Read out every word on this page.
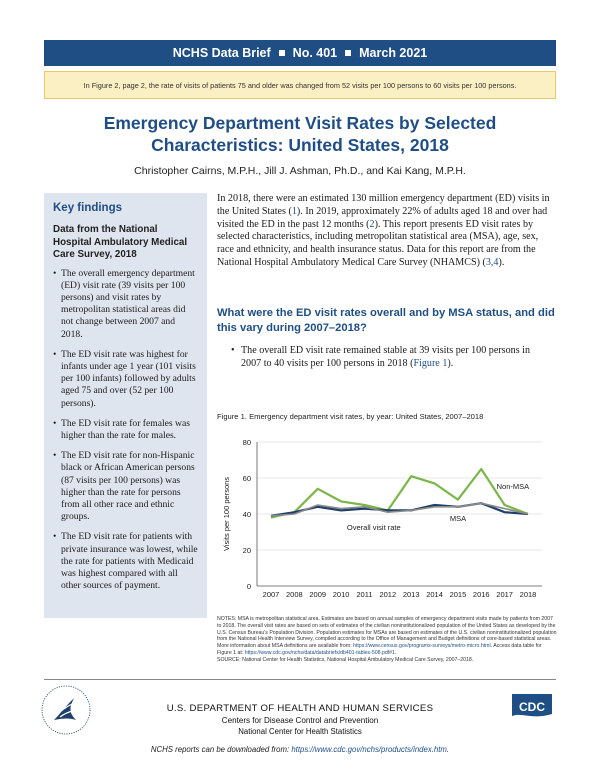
NCHS Data Brief No. 401 March 2021
In Figure 2, page 2, the rate of visits of patients 75 and older was changed from 52 visits per 100 persons to 60 visits per 100 persons.
Emergency Department Visit Rates by Selected
Characteristics: United States, 2018
Christopher Cairns, M.P.H., Jill J. Ashman, Ph.D., and Kai Kang, M.P.H.
Key findings
Data from the National Hospital Ambulatory Medical Care Survey, 2018
• The overall emergency department (ED) visit rate (39 visits per 100 persons) and visit rates by metropolitan statistical areas did not change between 2007 and 2018.
• The ED visit rate was highest for infants under age 1 year (101 visits per 100 infants) followed by adults aged 75 and over (52 per 100 persons).
• The ED visit rate for females was higher than the rate for males.
• The ED visit rate for non-Hispanic black or African American persons (87 visits per 100 persons) was higher than the rate for persons from all other race and ethnic groups.
• The ED visit rate for patients with private insurance was lowest, while the rate for patients with Medicaid was highest compared with all other sources of payment.
In 2018, there were an estimated 130 million emergency department (ED) visits in the United States (1). In 2019, approximately 22% of adults aged 18 and over had visited the ED in the past 12 months (2). This report presents ED visit rates by selected characteristics, including metropolitan statistical area (MSA), age, sex, race and ethnicity, and health insurance status. Data for this report are from the National Hospital Ambulatory Medical Care Survey (NHAMCS) (3,4).
What were the ED visit rates overall and by MSA status, and did this vary during 2007–2018?
• The overall ED visit rate remained stable at 39 visits per 100 persons in 2007 to 40 visits per 100 persons in 2018 (Figure 1).
Figure 1. Emergency department visit rates, by year: United States, 2007–2018
0
20
40
60
80
2007 2008 2009 2010 2011 2012 2013 2014 2015 2016 2017 2018
Visits per 100 persons	Non-MSA
MSA
Overall visit rate
NOTES: MSA is metropolitan statistical area. Estimates are based on annual samples of emergency department visits made by patients from 2007 to 2018. The overall visit rates are based on sets of estimates of the civilian noninstitutionalized population of the United States as developed by the U.S. Census Bureau's Population Division. Population estimates for MSAs are based on estimates of the U.S. civilian noninstitutionalized population from the National Health Interview Survey, compiled according to the Office of Management and Budget definitions of core-based statistical areas. More information about MSA definitions are available from: https://www.census.gov/programs-surveys/metro-micro.html. Access data table for Figure 1 at: https://www.cdc.gov/nchs/data/databriefs/db401-tables-508.pdf#1.
SOURCE: National Center for Health Statistics, National Hospital Ambulatory Medical Care Survey, 2007–2018.
U.S. DEPARTMENT OF HEALTH AND HUMAN SERVICES
Centers for Disease Control and Prevention
National Center for Health Statistics
CDC
NCHS reports can be downloaded from: https://www.cdc.gov/nchs/products/index.htm.
